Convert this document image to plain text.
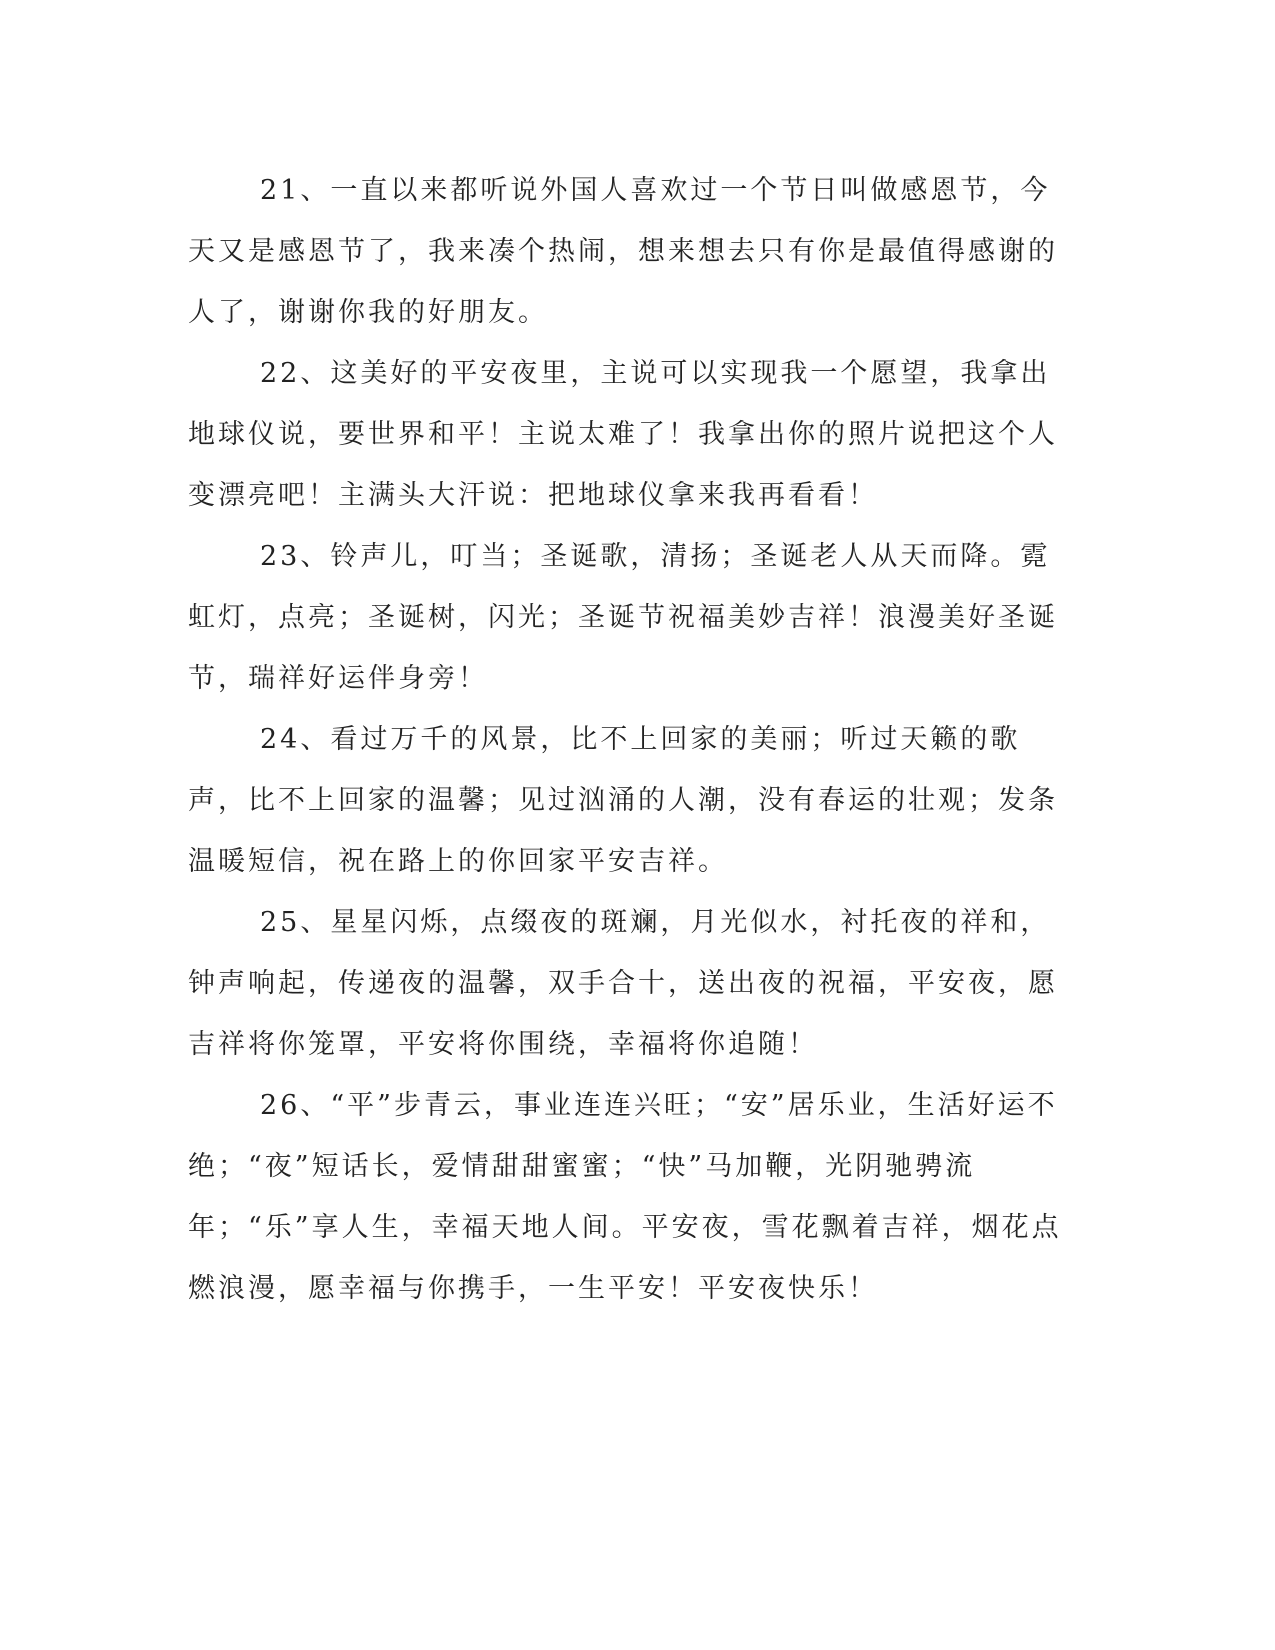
21、一直以来都听说外国人喜欢过一个节日叫做感恩节，今天又是感恩节了，我来凑个热闹，想来想去只有你是最值得感谢的人了，谢谢你我的好朋友。

22、这美好的平安夜里，主说可以实现我一个愿望，我拿出地球仪说，要世界和平！主说太难了！我拿出你的照片说把这个人变漂亮吧！主满头大汗说：把地球仪拿来我再看看！

23、铃声儿，叮当；圣诞歌，清扬；圣诞老人从天而降。霓虹灯，点亮；圣诞树，闪光；圣诞节祝福美妙吉祥！浪漫美好圣诞节，瑞祥好运伴身旁！

24、看过万千的风景，比不上回家的美丽；听过天籁的歌声，比不上回家的温馨；见过汹涌的人潮，没有春运的壮观；发条温暖短信，祝在路上的你回家平安吉祥。

25、星星闪烁，点缀夜的斑斓，月光似水，衬托夜的祥和，钟声响起，传递夜的温馨，双手合十，送出夜的祝福，平安夜，愿吉祥将你笼罩，平安将你围绕，幸福将你追随！

26、“平”步青云，事业连连兴旺；“安”居乐业，生活好运不绝；“夜”短话长，爱情甜甜蜜蜜；“快”马加鞭，光阴驰骋流年；“乐”享人生，幸福天地人间。平安夜，雪花飘着吉祥，烟花点燃浪漫，愿幸福与你携手，一生平安！平安夜快乐！
